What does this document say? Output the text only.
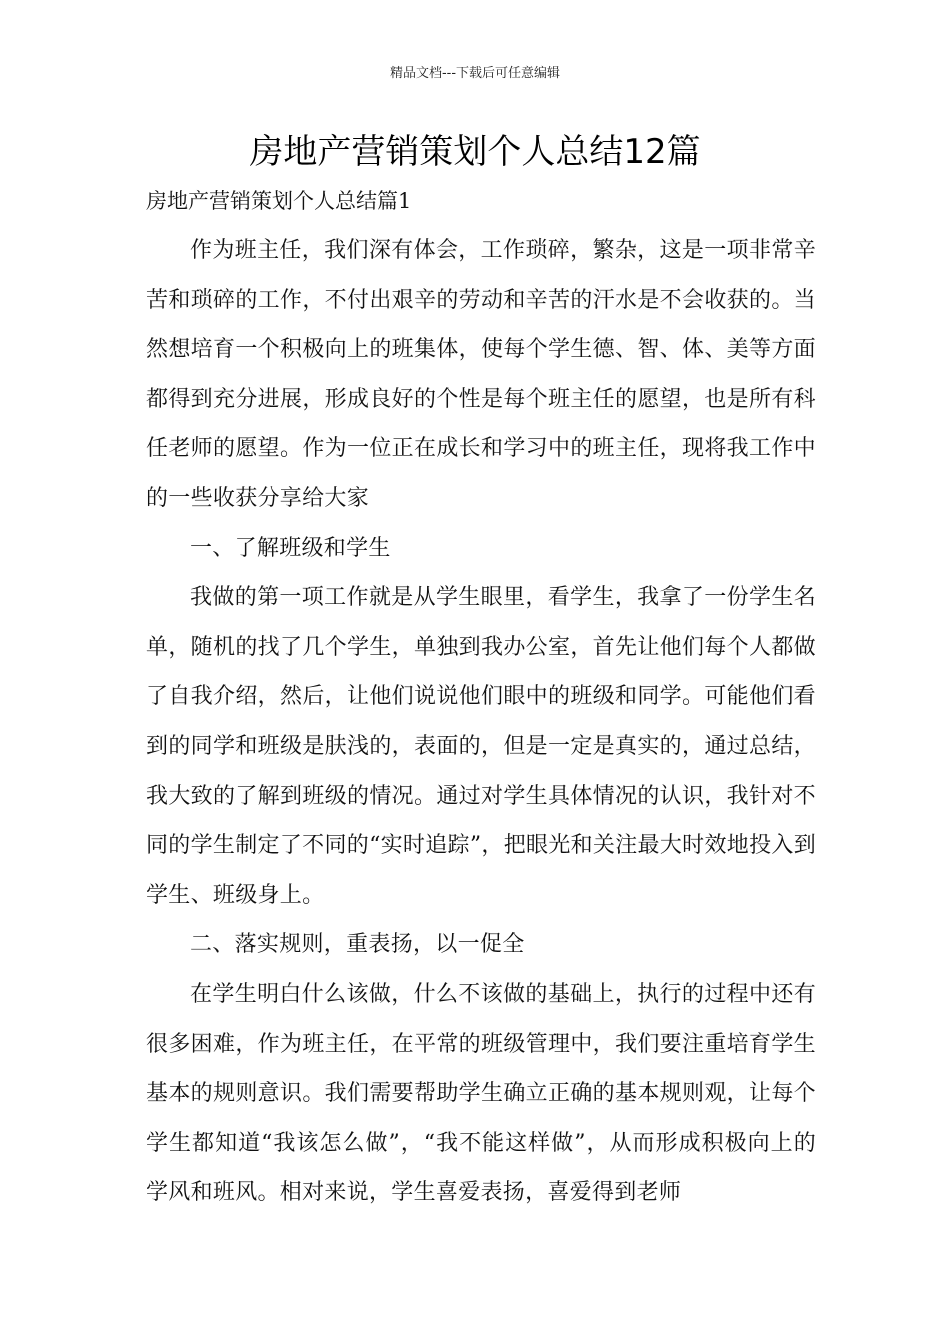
精品文档---下载后可任意编辑
房地产营销策划个人总结12篇
房地产营销策划个人总结篇1

作为班主任，我们深有体会，工作琐碎，繁杂，这是一项非常辛苦和琐碎的工作，不付出艰辛的劳动和辛苦的汗水是不会收获的。当然想培育一个积极向上的班集体，使每个学生德、智、体、美等方面都得到充分进展，形成良好的个性是每个班主任的愿望，也是所有科任老师的愿望。作为一位正在成长和学习中的班主任，现将我工作中的一些收获分享给大家

一、了解班级和学生

我做的第一项工作就是从学生眼里，看学生，我拿了一份学生名单，随机的找了几个学生，单独到我办公室，首先让他们每个人都做了自我介绍，然后，让他们说说他们眼中的班级和同学。可能他们看到的同学和班级是肤浅的，表面的，但是一定是真实的，通过总结，我大致的了解到班级的情况。通过对学生具体情况的认识，我针对不同的学生制定了不同的“实时追踪”，把眼光和关注最大时效地投入到学生、班级身上。

二、落实规则，重表扬，以一促全

在学生明白什么该做，什么不该做的基础上，执行的过程中还有很多困难，作为班主任，在平常的班级管理中，我们要注重培育学生基本的规则意识。我们需要帮助学生确立正确的基本规则观，让每个学生都知道“我该怎么做”，“我不能这样做”，从而形成积极向上的学风和班风。相对来说，学生喜爱表扬，喜爱得到老师
